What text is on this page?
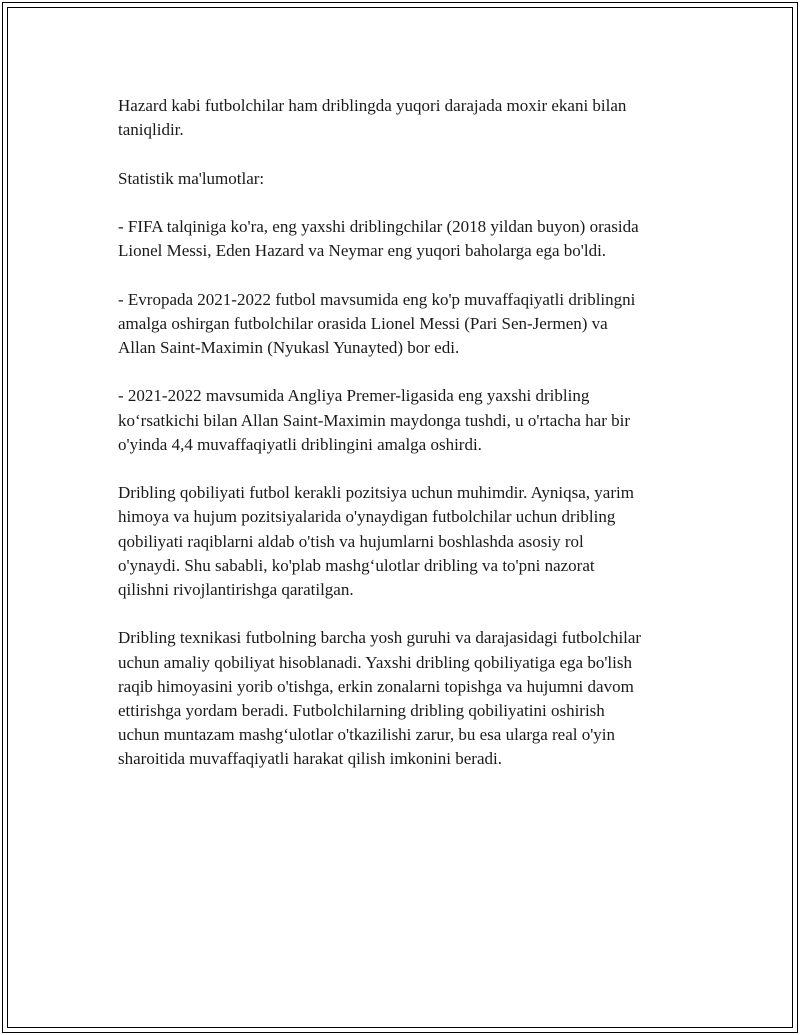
Hazard kabi futbolchilar ham driblingda yuqori darajada moxir ekani bilan
taniqlidir.

Statistik ma'lumotlar:

- FIFA talqiniga ko'ra, eng yaxshi driblingchilar (2018 yildan buyon) orasida
Lionel Messi, Eden Hazard va Neymar eng yuqori baholarga ega bo'ldi.

- Evropada 2021-2022 futbol mavsumida eng ko'p muvaffaqiyatli driblingni
amalga oshirgan futbolchilar orasida Lionel Messi (Pari Sen-Jermen) va
Allan Saint-Maximin (Nyukasl Yunayted) bor edi.

- 2021-2022 mavsumida Angliya Premer-ligasida eng yaxshi dribling
ko‘rsatkichi bilan Allan Saint-Maximin maydonga tushdi, u o'rtacha har bir
o'yinda 4,4 muvaffaqiyatli driblingini amalga oshirdi.

Dribling qobiliyati futbol kerakli pozitsiya uchun muhimdir. Ayniqsa, yarim
himoya va hujum pozitsiyalarida o'ynaydigan futbolchilar uchun dribling
qobiliyati raqiblarni aldab o'tish va hujumlarni boshlashda asosiy rol
o'ynaydi. Shu sababli, ko'plab mashg‘ulotlar dribling va to'pni nazorat
qilishni rivojlantirishga qaratilgan.

Dribling texnikasi futbolning barcha yosh guruhi va darajasidagi futbolchilar
uchun amaliy qobiliyat hisoblanadi. Yaxshi dribling qobiliyatiga ega bo'lish
raqib himoyasini yorib o'tishga, erkin zonalarni topishga va hujumni davom
ettirishga yordam beradi. Futbolchilarning dribling qobiliyatini oshirish
uchun muntazam mashg‘ulotlar o'tkazilishi zarur, bu esa ularga real o'yin
sharoitida muvaffaqiyatli harakat qilish imkonini beradi.
